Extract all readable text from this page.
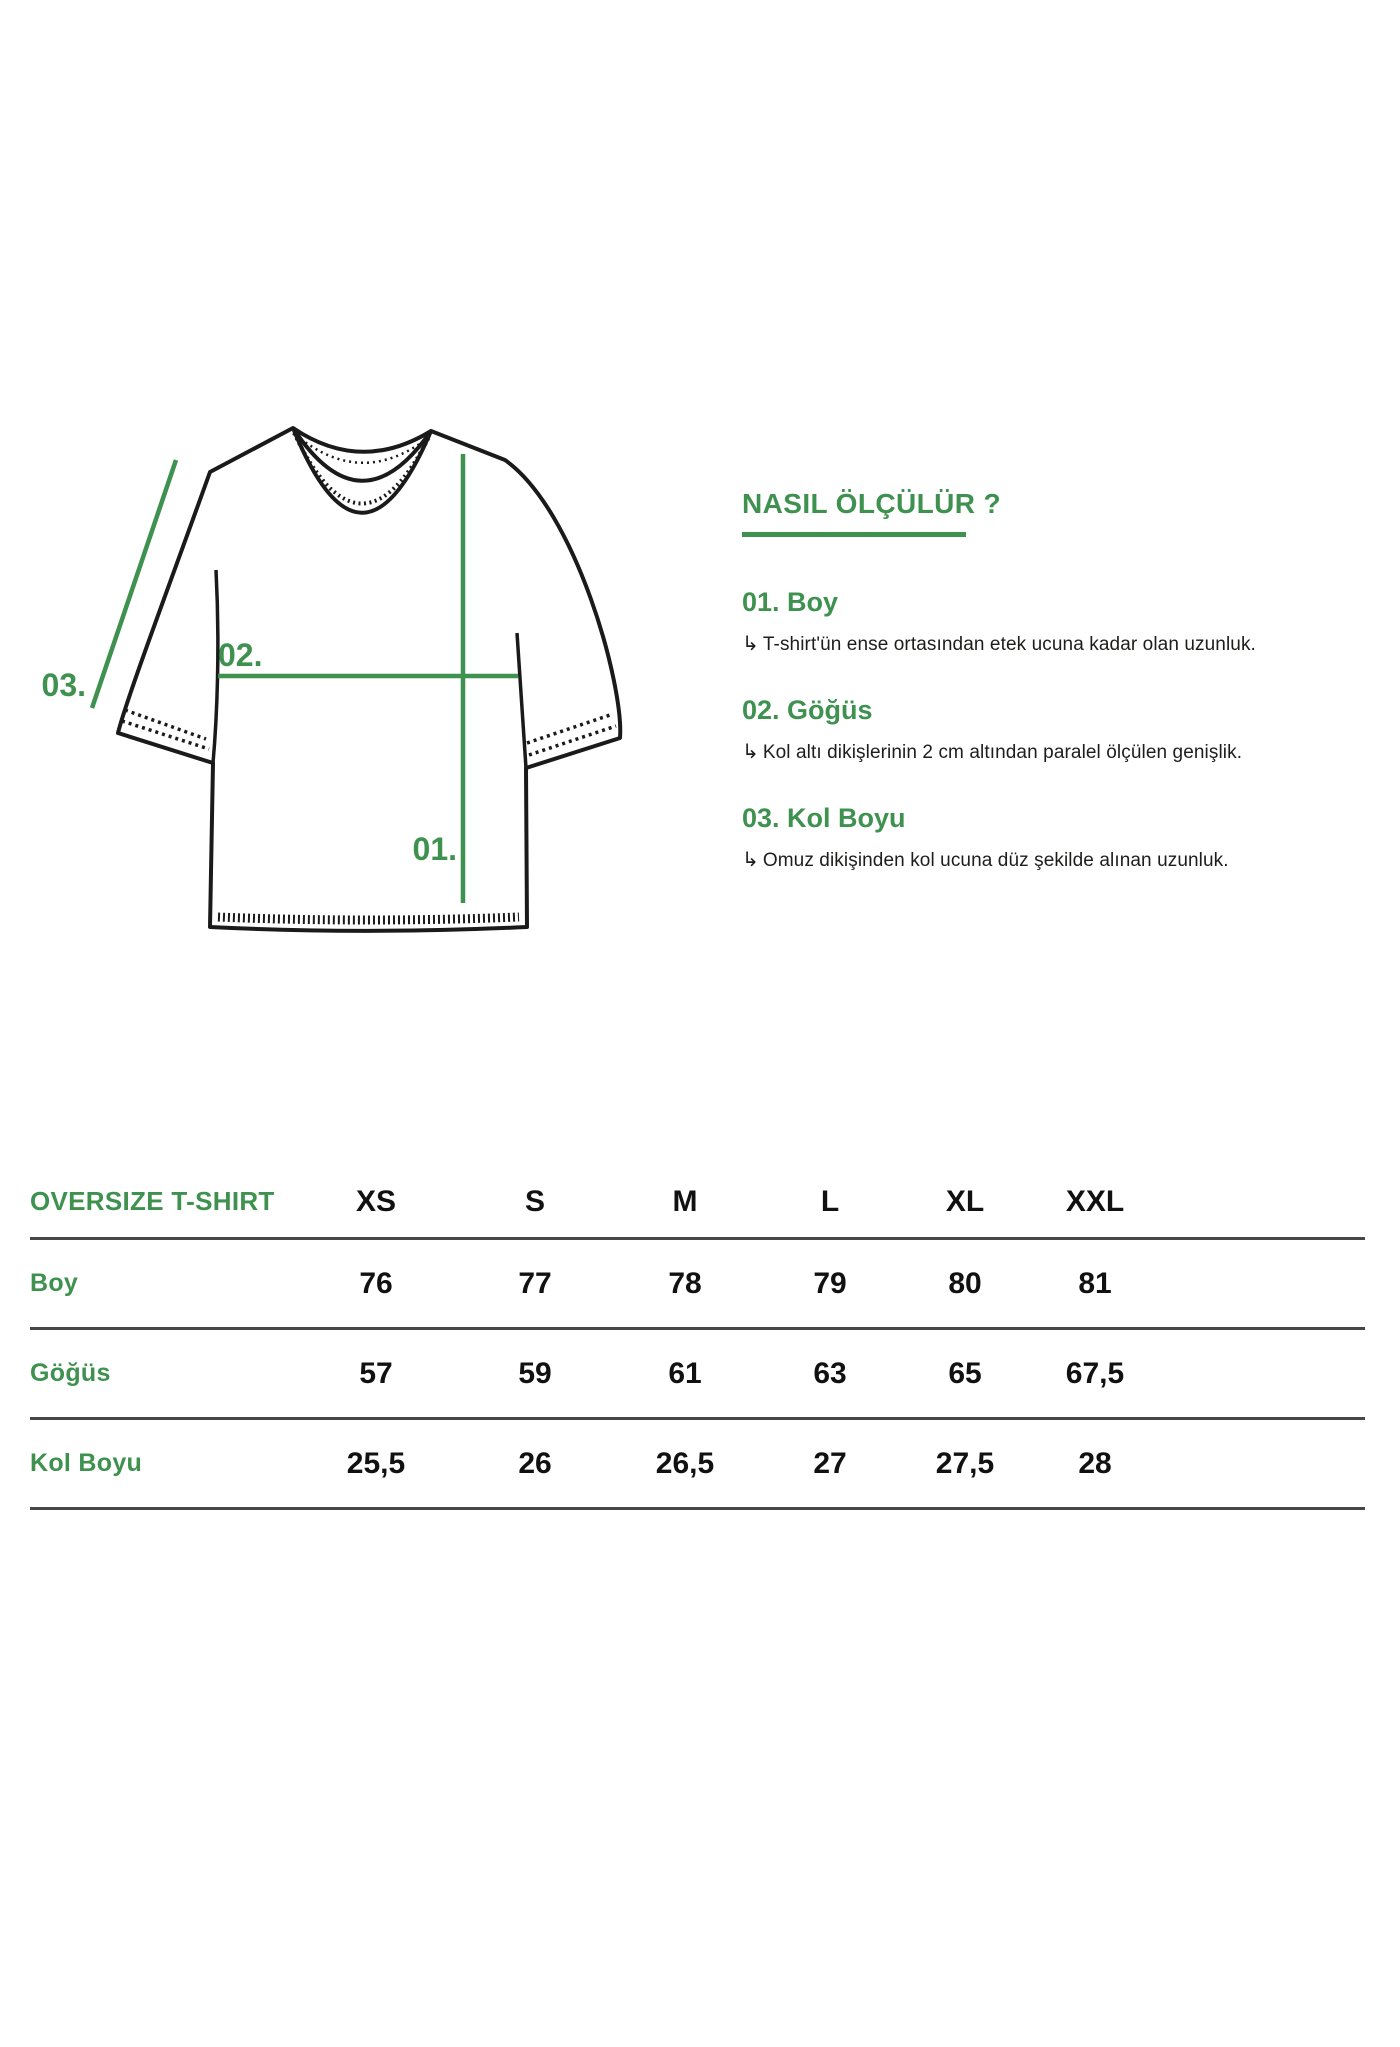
02.
01.
03.
NASIL ÖLÇÜLÜR ?
01. Boy
↳ T-shirt'ün ense ortasından etek ucuna kadar olan uzunluk.
02. Göğüs
↳ Kol altı dikişlerinin 2 cm altından paralel ölçülen genişlik.
03. Kol Boyu
↳ Omuz dikişinden kol ucuna düz şekilde alınan uzunluk.
OVERSIZE T-SHIRT	XS	S	M	L	XL	XXL
Boy	76	77	78	79	80	81
Göğüs	57	59	61	63	65	67,5
Kol Boyu	25,5	26	26,5	27	27,5	28
